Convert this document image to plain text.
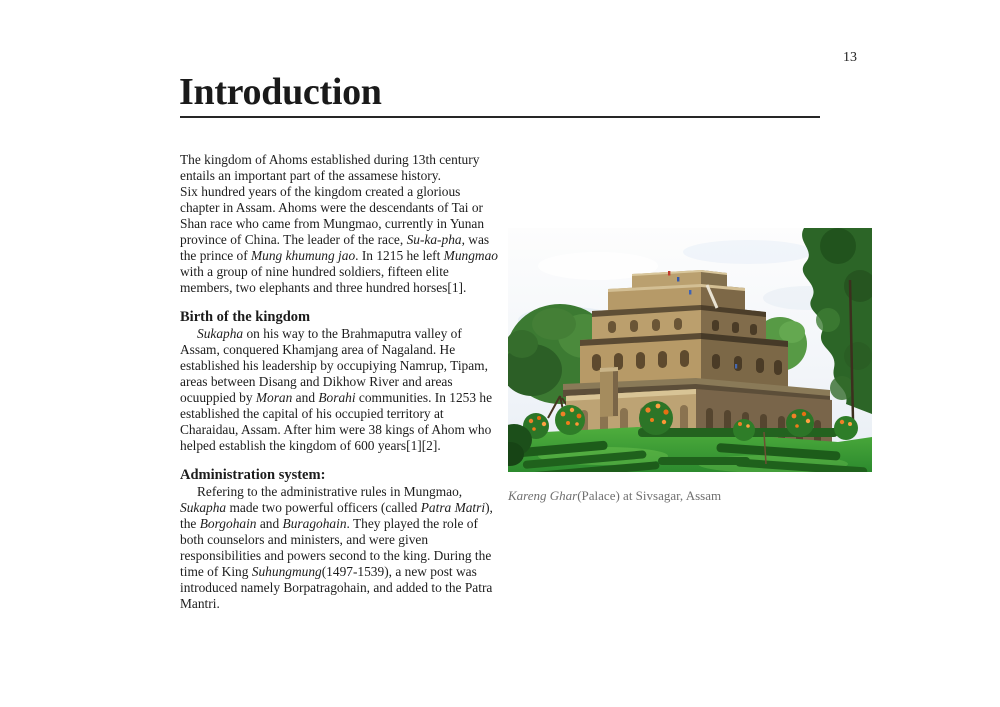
13
Introduction

The kingdom of Ahoms established during 13th century entails an important part of the assamese history.
Six hundred years of the kingdom created a glorious chapter in Assam. Ahoms were the descendants of Tai or Shan race who came from Mungmao, currently in Yunan province of China. The leader of the race, Su-ka-pha, was the prince of Mung khumung jao. In 1215 he left Mungmao with a group of nine hundred soldiers, fifteen elite members, two elephants and three hundred horses[1].

Birth of the kingdom

Sukapha on his way to the Brahmaputra valley of Assam, conquered Khamjang area of Nagaland. He established his leadership by occupiying Namrup, Tipam, areas between Disang and Dikhow River and areas ocuuppied by Moran and Borahi communities. In 1253 he established the capital of his occupied territory at Charaidau, Assam. After him were 38 kings of Ahom who helped establish the kingdom of 600 years[1][2].

Administration system:

Refering to the administrative rules in Mungmao, Sukapha made two powerful officers (called Patra Matri), the Borgohain and Buragohain. They played the role of both counselors and ministers, and were given responsibilities and powers second to the king. During the time of King Suhungmung(1497-1539), a new post was introduced namely Borpatragohain, and added to the Patra Mantri.

Kareng Ghar(Palace) at Sivsagar, Assam
